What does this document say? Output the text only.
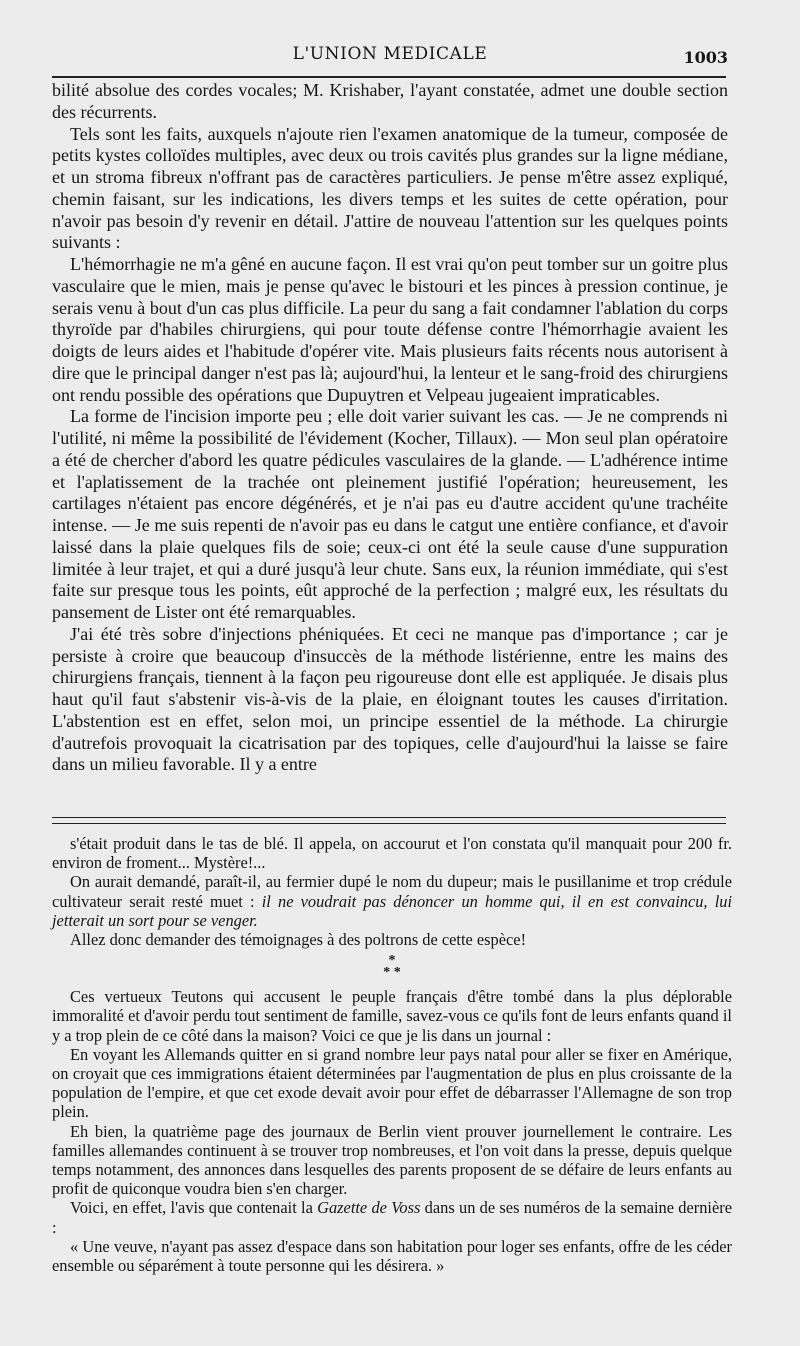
L'UNION MEDICALE	1003

bilité absolue des cordes vocales; M. Krishaber, l'ayant constatée, admet une double section des récurrents.

Tels sont les faits, auxquels n'ajoute rien l'examen anatomique de la tumeur, composée de petits kystes colloïdes multiples, avec deux ou trois cavités plus grandes sur la ligne médiane, et un stroma fibreux n'offrant pas de caractères particuliers. Je pense m'être assez expliqué, chemin faisant, sur les indications, les divers temps et les suites de cette opération, pour n'avoir pas besoin d'y revenir en détail. J'attire de nouveau l'attention sur les quelques points suivants :

L'hémorrhagie ne m'a gêné en aucune façon. Il est vrai qu'on peut tomber sur un goitre plus vasculaire que le mien, mais je pense qu'avec le bistouri et les pinces à pression continue, je serais venu à bout d'un cas plus difficile. La peur du sang a fait condamner l'ablation du corps thyroïde par d'habiles chirurgiens, qui pour toute défense contre l'hémorrhagie avaient les doigts de leurs aides et l'habitude d'opérer vite. Mais plusieurs faits récents nous autorisent à dire que le principal danger n'est pas là; aujourd'hui, la lenteur et le sang-froid des chirurgiens ont rendu possible des opérations que Dupuytren et Velpeau jugeaient impraticables.

La forme de l'incision importe peu ; elle doit varier suivant les cas. — Je ne comprends ni l'utilité, ni même la possibilité de l'évidement (Kocher, Tillaux). — Mon seul plan opératoire a été de chercher d'abord les quatre pédicules vasculaires de la glande. — L'adhérence intime et l'aplatissement de la trachée ont pleinement justifié l'opération; heureusement, les cartilages n'étaient pas encore dégénérés, et je n'ai pas eu d'autre accident qu'une trachéite intense. — Je me suis repenti de n'avoir pas eu dans le catgut une entière confiance, et d'avoir laissé dans la plaie quelques fils de soie; ceux-ci ont été la seule cause d'une suppuration limitée à leur trajet, et qui a duré jusqu'à leur chute. Sans eux, la réunion immédiate, qui s'est faite sur presque tous les points, eût approché de la perfection ; malgré eux, les résultats du pansement de Lister ont été remarquables.

J'ai été très sobre d'injections phéniquées. Et ceci ne manque pas d'importance ; car je persiste à croire que beaucoup d'insuccès de la méthode listérienne, entre les mains des chirurgiens français, tiennent à la façon peu rigoureuse dont elle est appliquée. Je disais plus haut qu'il faut s'abstenir vis-à-vis de la plaie, en éloignant toutes les causes d'irritation. L'abstention est en effet, selon moi, un principe essentiel de la méthode. La chirurgie d'autrefois provoquait la cicatrisation par des topiques, celle d'aujourd'hui la laisse se faire dans un milieu favorable. Il y a entre

s'était produit dans le tas de blé. Il appela, on accourut et l'on constata qu'il manquait pour 200 fr. environ de froment... Mystère!...

On aurait demandé, paraît-il, au fermier dupé le nom du dupeur; mais le pusillanime et trop crédule cultivateur serait resté muet : il ne voudrait pas dénoncer un homme qui, il en est convaincu, lui jetterait un sort pour se venger.

Allez donc demander des témoignages à des poltrons de cette espèce!

*
* *

Ces vertueux Teutons qui accusent le peuple français d'être tombé dans la plus déplorable immoralité et d'avoir perdu tout sentiment de famille, savez-vous ce qu'ils font de leurs enfants quand il y a trop plein de ce côté dans la maison? Voici ce que je lis dans un journal :

En voyant les Allemands quitter en si grand nombre leur pays natal pour aller se fixer en Amérique, on croyait que ces immigrations étaient déterminées par l'augmentation de plus en plus croissante de la population de l'empire, et que cet exode devait avoir pour effet de débarrasser l'Allemagne de son trop plein.

Eh bien, la quatrième page des journaux de Berlin vient prouver journellement le contraire. Les familles allemandes continuent à se trouver trop nombreuses, et l'on voit dans la presse, depuis quelque temps notamment, des annonces dans lesquelles des parents proposent de se défaire de leurs enfants au profit de quiconque voudra bien s'en charger.

Voici, en effet, l'avis que contenait la Gazette de Voss dans un de ses numéros de la semaine dernière :

« Une veuve, n'ayant pas assez d'espace dans son habitation pour loger ses enfants, offre de les céder ensemble ou séparément à toute personne qui les désirera. »
